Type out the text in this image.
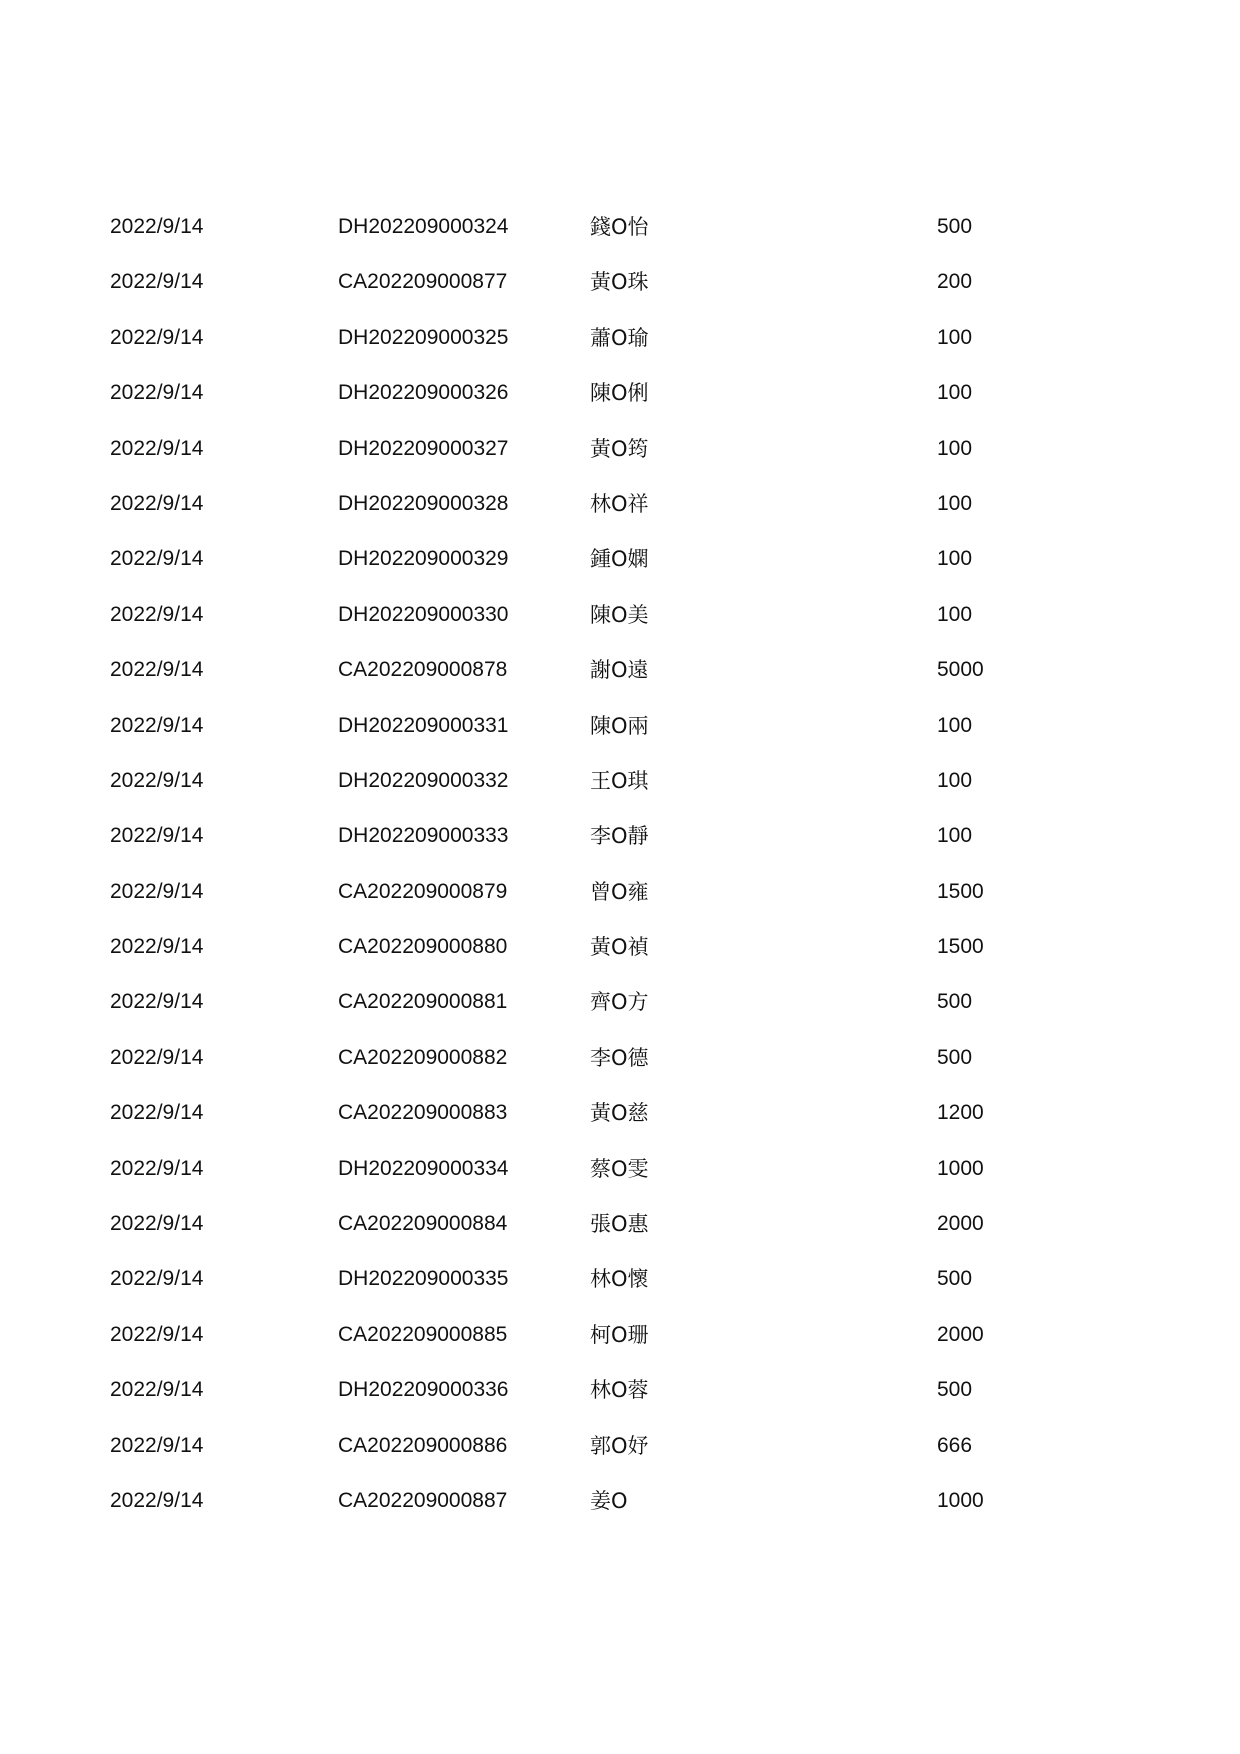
2022/9/14	DH202209000324	錢O怡	500
2022/9/14	CA202209000877	黃O珠	200
2022/9/14	DH202209000325	蕭O瑜	100
2022/9/14	DH202209000326	陳O俐	100
2022/9/14	DH202209000327	黃O筠	100
2022/9/14	DH202209000328	林O祥	100
2022/9/14	DH202209000329	鍾O嫻	100
2022/9/14	DH202209000330	陳O美	100
2022/9/14	CA202209000878	謝O遠	5000
2022/9/14	DH202209000331	陳O兩	100
2022/9/14	DH202209000332	王O琪	100
2022/9/14	DH202209000333	李O靜	100
2022/9/14	CA202209000879	曾O雍	1500
2022/9/14	CA202209000880	黃O禎	1500
2022/9/14	CA202209000881	齊O方	500
2022/9/14	CA202209000882	李O德	500
2022/9/14	CA202209000883	黃O慈	1200
2022/9/14	DH202209000334	蔡O雯	1000
2022/9/14	CA202209000884	張O惠	2000
2022/9/14	DH202209000335	林O懷	500
2022/9/14	CA202209000885	柯O珊	2000
2022/9/14	DH202209000336	林O蓉	500
2022/9/14	CA202209000886	郭O妤	666
2022/9/14	CA202209000887	姜O	1000
